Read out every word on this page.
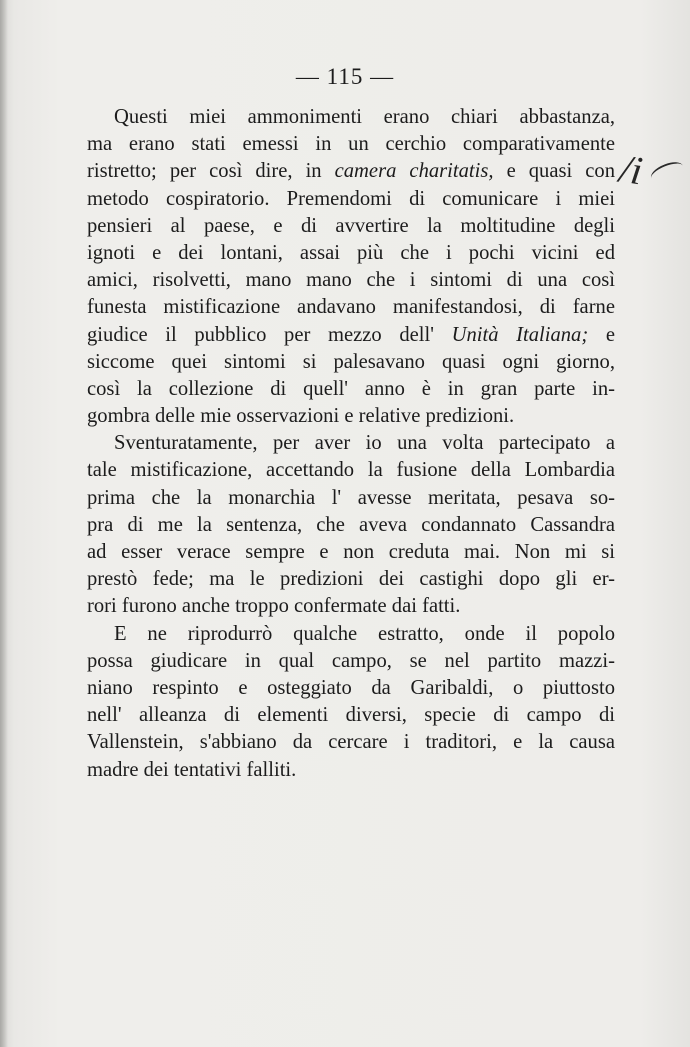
— 115 —
/i
Questi miei ammonimenti erano chiari abbastanza,
ma erano stati emessi in un cerchio comparativamente
ristretto; per così dire, in camera charitatis, e quasi con
metodo cospiratorio. Premendomi di comunicare i miei
pensieri al paese, e di avvertire la moltitudine degli
ignoti e dei lontani, assai più che i pochi vicini ed
amici, risolvetti, mano mano che i sintomi di una così
funesta mistificazione andavano manifestandosi, di farne
giudice il pubblico per mezzo dell' Unità Italiana; e
siccome quei sintomi si palesavano quasi ogni giorno,
così la collezione di quell' anno è in gran parte in-
gombra delle mie osservazioni e relative predizioni.
Sventuratamente, per aver io una volta partecipato a
tale mistificazione, accettando la fusione della Lombardia
prima che la monarchia l' avesse meritata, pesava so-
pra di me la sentenza, che aveva condannato Cassandra
ad esser verace sempre e non creduta mai. Non mi si
prestò fede; ma le predizioni dei castighi dopo gli er-
rori furono anche troppo confermate dai fatti.
E ne riprodurrò qualche estratto, onde il popolo
possa giudicare in qual campo, se nel partito mazzi-
niano respinto e osteggiato da Garibaldi, o piuttosto
nell' alleanza di elementi diversi, specie di campo di
Vallenstein, s'abbiano da cercare i traditori, e la causa
madre dei tentativi falliti.
